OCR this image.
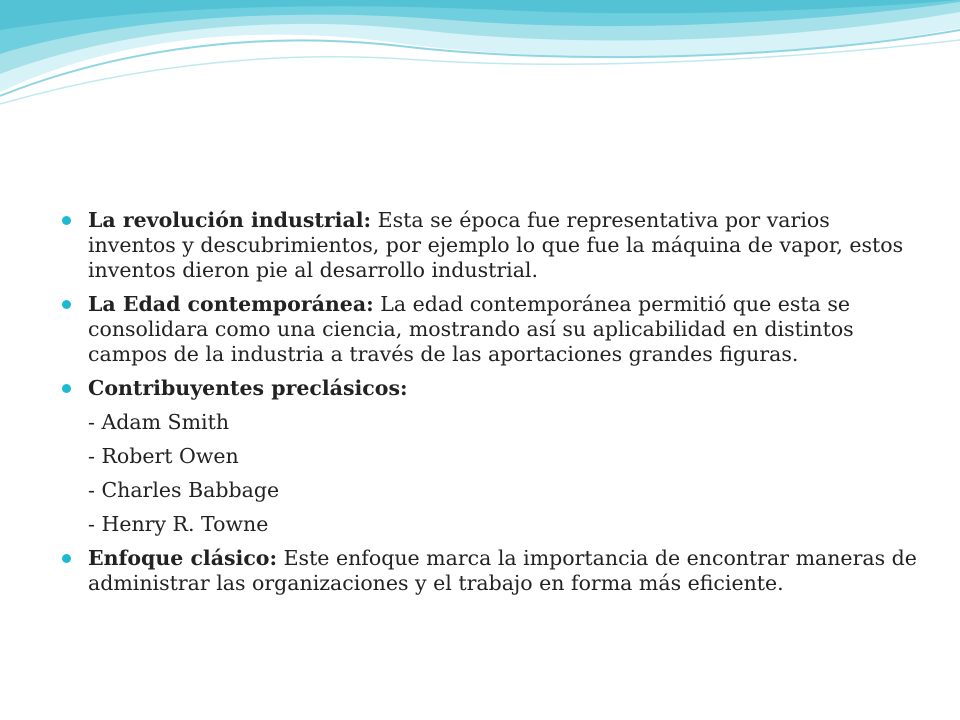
La revolución industrial: Esta se época fue representativa por varios inventos y descubrimientos, por ejemplo lo que fue la máquina de vapor, estos inventos dieron pie al desarrollo industrial.
La Edad contemporánea: La edad contemporánea permitió que esta se consolidara como una ciencia, mostrando así su aplicabilidad en distintos campos de la industria a través de las aportaciones grandes figuras.
Contribuyentes preclásicos:
- Adam Smith
- Robert Owen
- Charles Babbage
- Henry R. Towne
Enfoque clásico: Este enfoque marca la importancia de encontrar maneras de administrar las organizaciones y el trabajo en forma más eficiente.
